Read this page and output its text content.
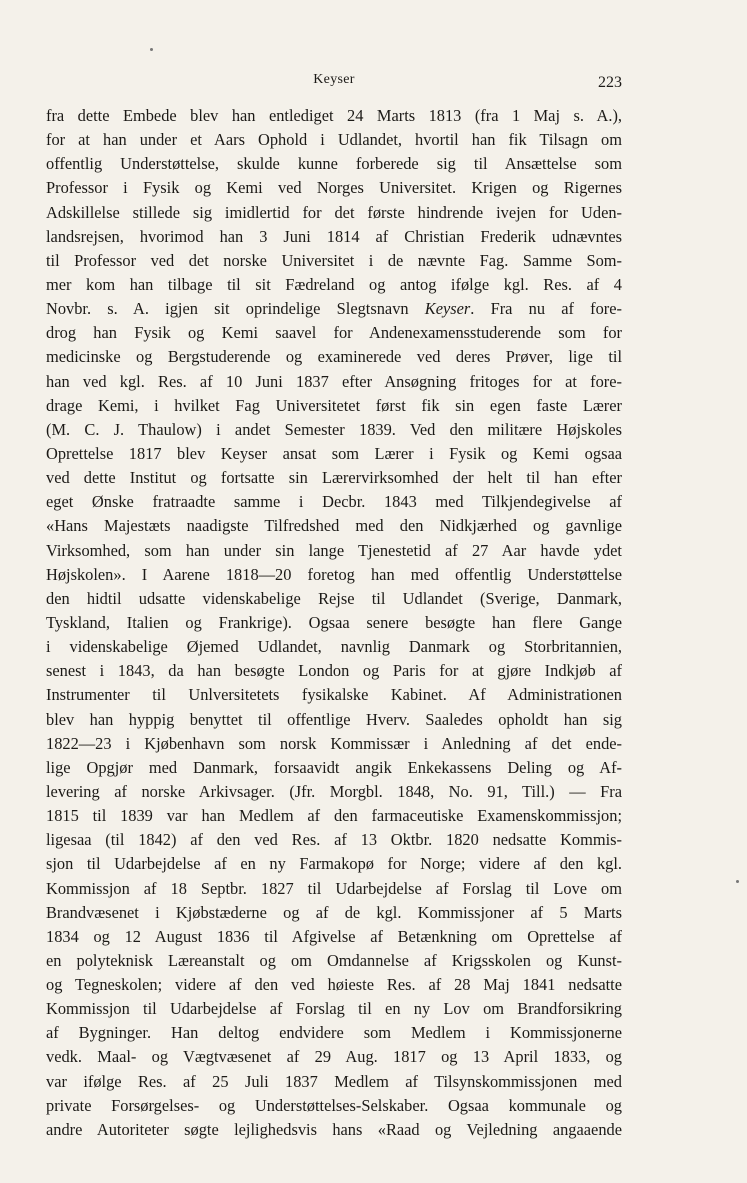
Keyser	223
fra dette Embede blev han entlediget 24 Marts 1813 (fra 1 Maj s. A.),
for at han under et Aars Ophold i Udlandet, hvortil han fik Tilsagn om
offentlig Understøttelse, skulde kunne forberede sig til Ansættelse som
Professor i Fysik og Kemi ved Norges Universitet. Krigen og Rigernes
Adskillelse stillede sig imidlertid for det første hindrende ivejen for Uden-
landsrejsen, hvorimod han 3 Juni 1814 af Christian Frederik udnævntes
til Professor ved det norske Universitet i de nævnte Fag. Samme Som-
mer kom han tilbage til sit Fædreland og antog ifølge kgl. Res. af 4
Novbr. s. A. igjen sit oprindelige Slegtsnavn Keyser. Fra nu af fore-
drog han Fysik og Kemi saavel for Andenexamensstuderende som for
medicinske og Bergstuderende og examinerede ved deres Prøver, lige til
han ved kgl. Res. af 10 Juni 1837 efter Ansøgning fritoges for at fore-
drage Kemi, i hvilket Fag Universitetet først fik sin egen faste Lærer
(M. C. J. Thaulow) i andet Semester 1839. Ved den militære Højskoles
Oprettelse 1817 blev Keyser ansat som Lærer i Fysik og Kemi ogsaa
ved dette Institut og fortsatte sin Lærervirksomhed der helt til han efter
eget Ønske fratraadte samme i Decbr. 1843 med Tilkjendegivelse af
«Hans Majestæts naadigste Tilfredshed med den Nidkjærhed og gavnlige
Virksomhed, som han under sin lange Tjenestetid af 27 Aar havde ydet
Højskolen». I Aarene 1818—20 foretog han med offentlig Understøttelse
den hidtil udsatte videnskabelige Rejse til Udlandet (Sverige, Danmark,
Tyskland, Italien og Frankrige). Ogsaa senere besøgte han flere Gange
i videnskabelige Øjemed Udlandet, navnlig Danmark og Storbritannien,
senest i 1843, da han besøgte London og Paris for at gjøre Indkjøb af
Instrumenter til Unlversitetets fysikalske Kabinet. Af Administrationen
blev han hyppig benyttet til offentlige Hverv. Saaledes opholdt han sig
1822—23 i Kjøbenhavn som norsk Kommissær i Anledning af det ende-
lige Opgjør med Danmark, forsaavidt angik Enkekassens Deling og Af-
levering af norske Arkivsager. (Jfr. Morgbl. 1848, No. 91, Till.) — Fra
1815 til 1839 var han Medlem af den farmaceutiske Examenskommissjon;
ligesaa (til 1842) af den ved Res. af 13 Oktbr. 1820 nedsatte Kommis-
sjon til Udarbejdelse af en ny Farmakopø for Norge; videre af den kgl.
Kommissjon af 18 Septbr. 1827 til Udarbejdelse af Forslag til Love om
Brandvæsenet i Kjøbstæderne og af de kgl. Kommissjoner af 5 Marts
1834 og 12 August 1836 til Afgivelse af Betænkning om Oprettelse af
en polyteknisk Læreanstalt og om Omdannelse af Krigsskolen og Kunst-
og Tegneskolen; videre af den ved høieste Res. af 28 Maj 1841 nedsatte
Kommissjon til Udarbejdelse af Forslag til en ny Lov om Brandforsikring
af Bygninger. Han deltog endvidere som Medlem i Kommissjonerne
vedk. Maal- og Vægtvæsenet af 29 Aug. 1817 og 13 April 1833, og
var ifølge Res. af 25 Juli 1837 Medlem af Tilsynskommissjonen med
private Forsørgelses- og Understøttelses-Selskaber. Ogsaa kommunale og
andre Autoriteter søgte lejlighedsvis hans «Raad og Vejledning angaaende
